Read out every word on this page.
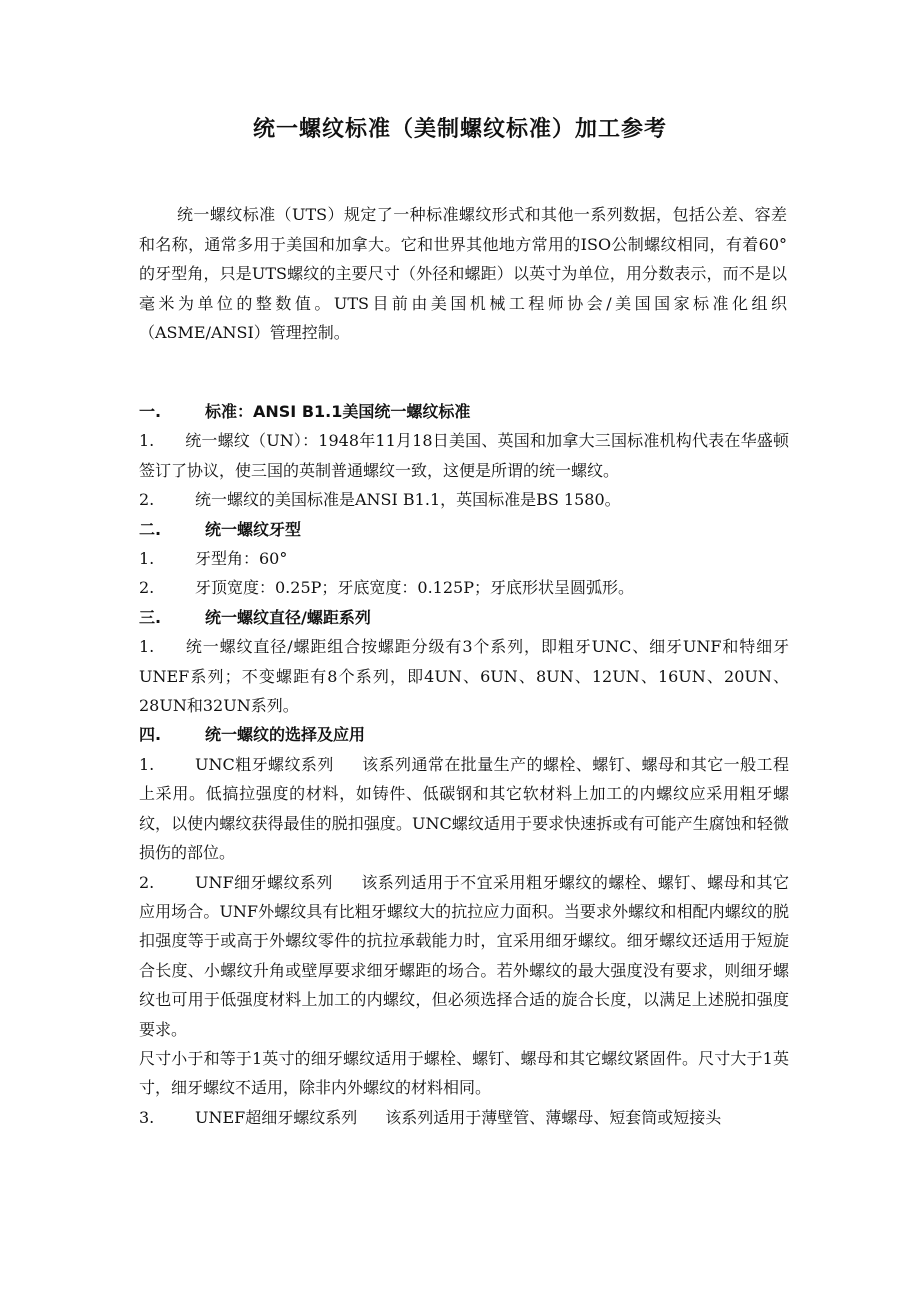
统一螺纹标准（美制螺纹标准）加工参考
统一螺纹标准（UTS）规定了一种标准螺纹形式和其他一系列数据，包括公差、容差和名称，通常多用于美国和加拿大。它和世界其他地方常用的ISO公制螺纹相同，有着60°的牙型角，只是UTS螺纹的主要尺寸（外径和螺距）以英寸为单位，用分数表示，而不是以毫米为单位的整数值。UTS目前由美国机械工程师协会/美国国家标准化组织（ASME/ANSI）管理控制。

一.	标准：ANSI B1.1美国统一螺纹标准

1. 统一螺纹（UN）：1948年11月18日美国、英国和加拿大三国标准机构代表在华盛顿签订了协议，使三国的英制普通螺纹一致，这便是所谓的统一螺纹。

2.	统一螺纹的美国标准是ANSI B1.1，英国标准是BS 1580。

二.	统一螺纹牙型

1.	牙型角：60°

2.	牙顶宽度：0.25P；牙底宽度：0.125P；牙底形状呈圆弧形。

三.	统一螺纹直径/螺距系列

1. 统一螺纹直径/螺距组合按螺距分级有3个系列，即粗牙UNC、细牙UNF和特细牙UNEF系列；不变螺距有8个系列，即4UN、6UN、8UN、12UN、16UN、20UN、28UN和32UN系列。

四.	统一螺纹的选择及应用

1.	UNC粗牙螺纹系列 该系列通常在批量生产的螺栓、螺钉、螺母和其它一般工程上采用。低搞拉强度的材料，如铸件、低碳钢和其它软材料上加工的内螺纹应采用粗牙螺纹，以使内螺纹获得最佳的脱扣强度。UNC螺纹适用于要求快速拆或有可能产生腐蚀和轻微损伤的部位。

2.	UNF细牙螺纹系列 该系列适用于不宜采用粗牙螺纹的螺栓、螺钉、螺母和其它应用场合。UNF外螺纹具有比粗牙螺纹大的抗拉应力面积。当要求外螺纹和相配内螺纹的脱扣强度等于或高于外螺纹零件的抗拉承载能力时，宜采用细牙螺纹。细牙螺纹还适用于短旋合长度、小螺纹升角或壁厚要求细牙螺距的场合。若外螺纹的最大强度没有要求，则细牙螺纹也可用于低强度材料上加工的内螺纹，但必须选择合适的旋合长度，以满足上述脱扣强度要求。

尺寸小于和等于1英寸的细牙螺纹适用于螺栓、螺钉、螺母和其它螺纹紧固件。尺寸大于1英寸，细牙螺纹不适用，除非内外螺纹的材料相同。

3.	UNEF超细牙螺纹系列 该系列适用于薄壁管、薄螺母、短套筒或短接头
